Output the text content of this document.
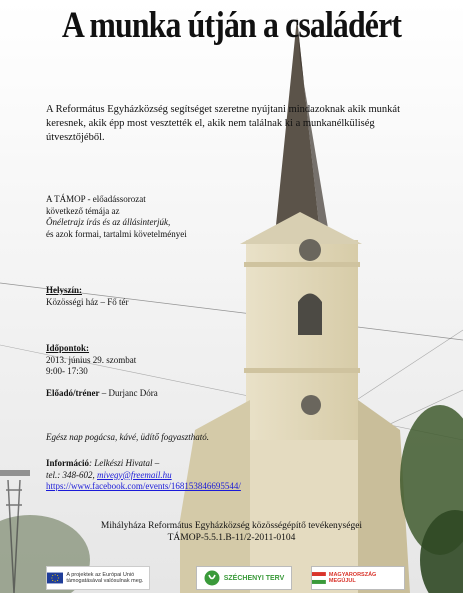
A munka útján a családért
A Református Egyházközség segítséget szeretne nyújtani mindazoknak akik munkát keresnek, akik épp most vesztették el, akik nem találnak ki a munkanélküliség útvesztőjéből.
A TÁMOP - előadássorozat
következő témája az
Önéletrajz írás és az állásinterjúk,
és azok formai, tartalmi követelményei
Helyszín:
Közösségi ház – Fő tér
Időpontok:
2013. június 29. szombat
9:00- 17:30
Előadó/tréner – Durjanc Dóra
Egész nap pogácsa, kávé, üdítő fogyasztható.
Információ: Lelkészi Hivatal –
tel.: 348-602, mivegy@freemail.hu
https://www.facebook.com/events/168153846695544/
Mihályháza Református Egyházközség közösségépítő tevékenységei
TÁMOP-5.5.1.B-11/2-2011-0104
A projektek az Európai Unió támogatásával valósulnak meg.	SZÉCHENYI TERV	MAGYARORSZÁG MEGÚJUL
